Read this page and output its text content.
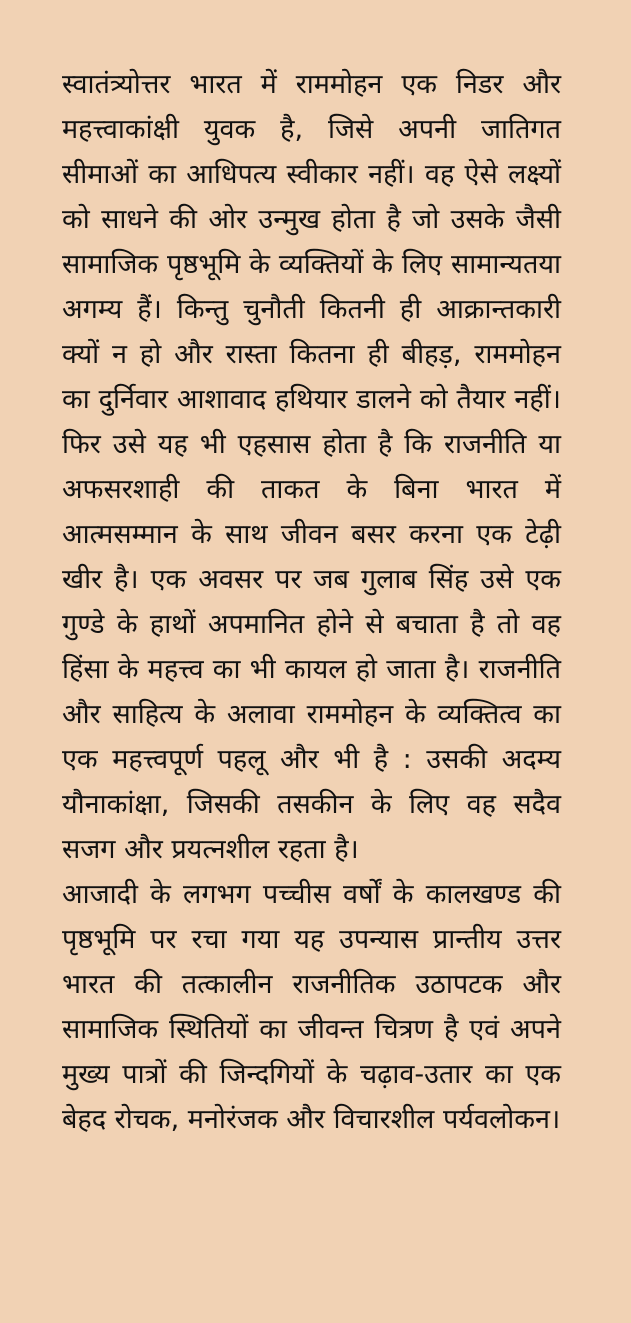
स्वातंत्र्योत्तर भारत में राममोहन एक निडर और महत्त्वाकांक्षी युवक है, जिसे अपनी जातिगत सीमाओं का आधिपत्य स्वीकार नहीं। वह ऐसे लक्ष्यों को साधने की ओर उन्मुख होता है जो उसके जैसी सामाजिक पृष्ठभूमि के व्यक्तियों के लिए सामान्यतया अगम्य हैं। किन्तु चुनौती कितनी ही आक्रान्तकारी क्यों न हो और रास्ता कितना ही बीहड़, राममोहन का दुर्निवार आशावाद हथियार डालने को तैयार नहीं। फिर उसे यह भी एहसास होता है कि राजनीति या अफसरशाही की ताकत के बिना भारत में आत्मसम्मान के साथ जीवन बसर करना एक टेढ़ी खीर है। एक अवसर पर जब गुलाब सिंह उसे एक गुण्डे के हाथों अपमानित होने से बचाता है तो वह हिंसा के महत्त्व का भी कायल हो जाता है। राजनीति और साहित्य के अलावा राममोहन के व्यक्तित्व का एक महत्त्वपूर्ण पहलू और भी है : उसकी अदम्य यौनाकांक्षा, जिसकी तसकीन के लिए वह सदैव सजग और प्रयत्नशील रहता है।

आजादी के लगभग पच्चीस वर्षों के कालखण्ड की पृष्ठभूमि पर रचा गया यह उपन्यास प्रान्तीय उत्तर भारत की तत्कालीन राजनीतिक उठापटक और सामाजिक स्थितियों का जीवन्त चित्रण है एवं अपने मुख्य पात्रों की जिन्दगियों के चढ़ाव-उतार का एक बेहद रोचक, मनोरंजक और विचारशील पर्यवलोकन।
